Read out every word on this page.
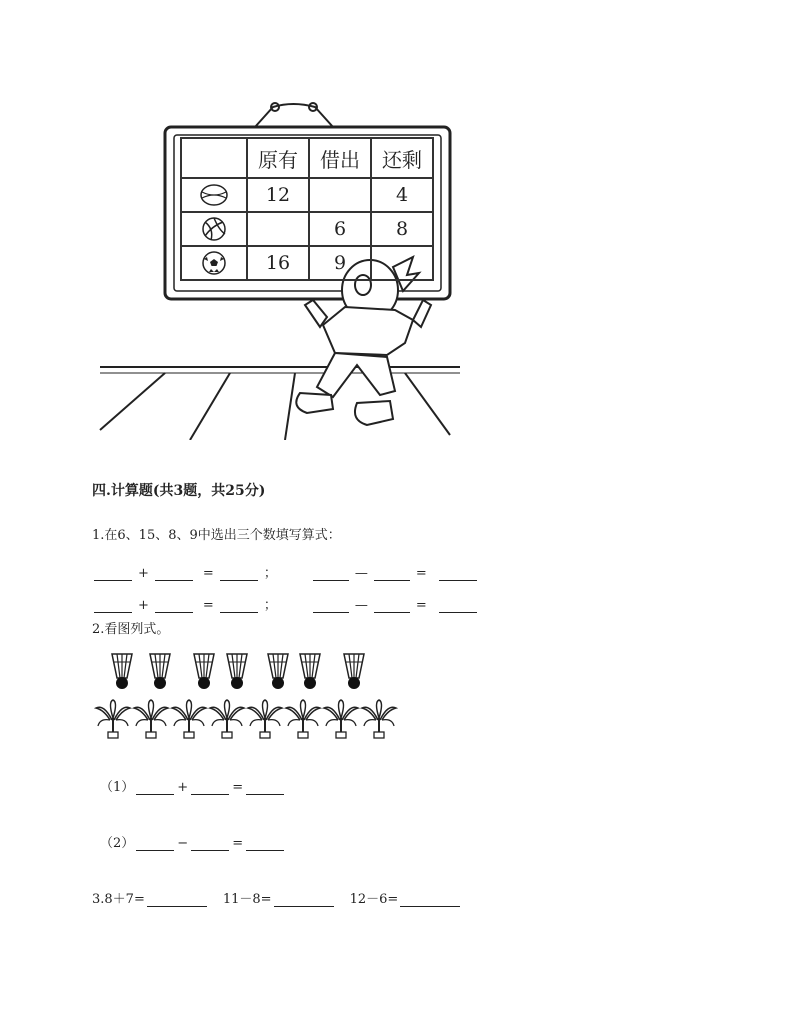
	原有	借出	还剩
	12		4
		6	8
	16	9	
四.计算题(共3题，共25分)
1.在6、15、8、9中选出三个数填写算式：
+	=	；	—	=
+	=	；	—	=
2.看图列式。
（1）	+	=
（2）	−	=
3.8＋7=	11－8=	12－6=
